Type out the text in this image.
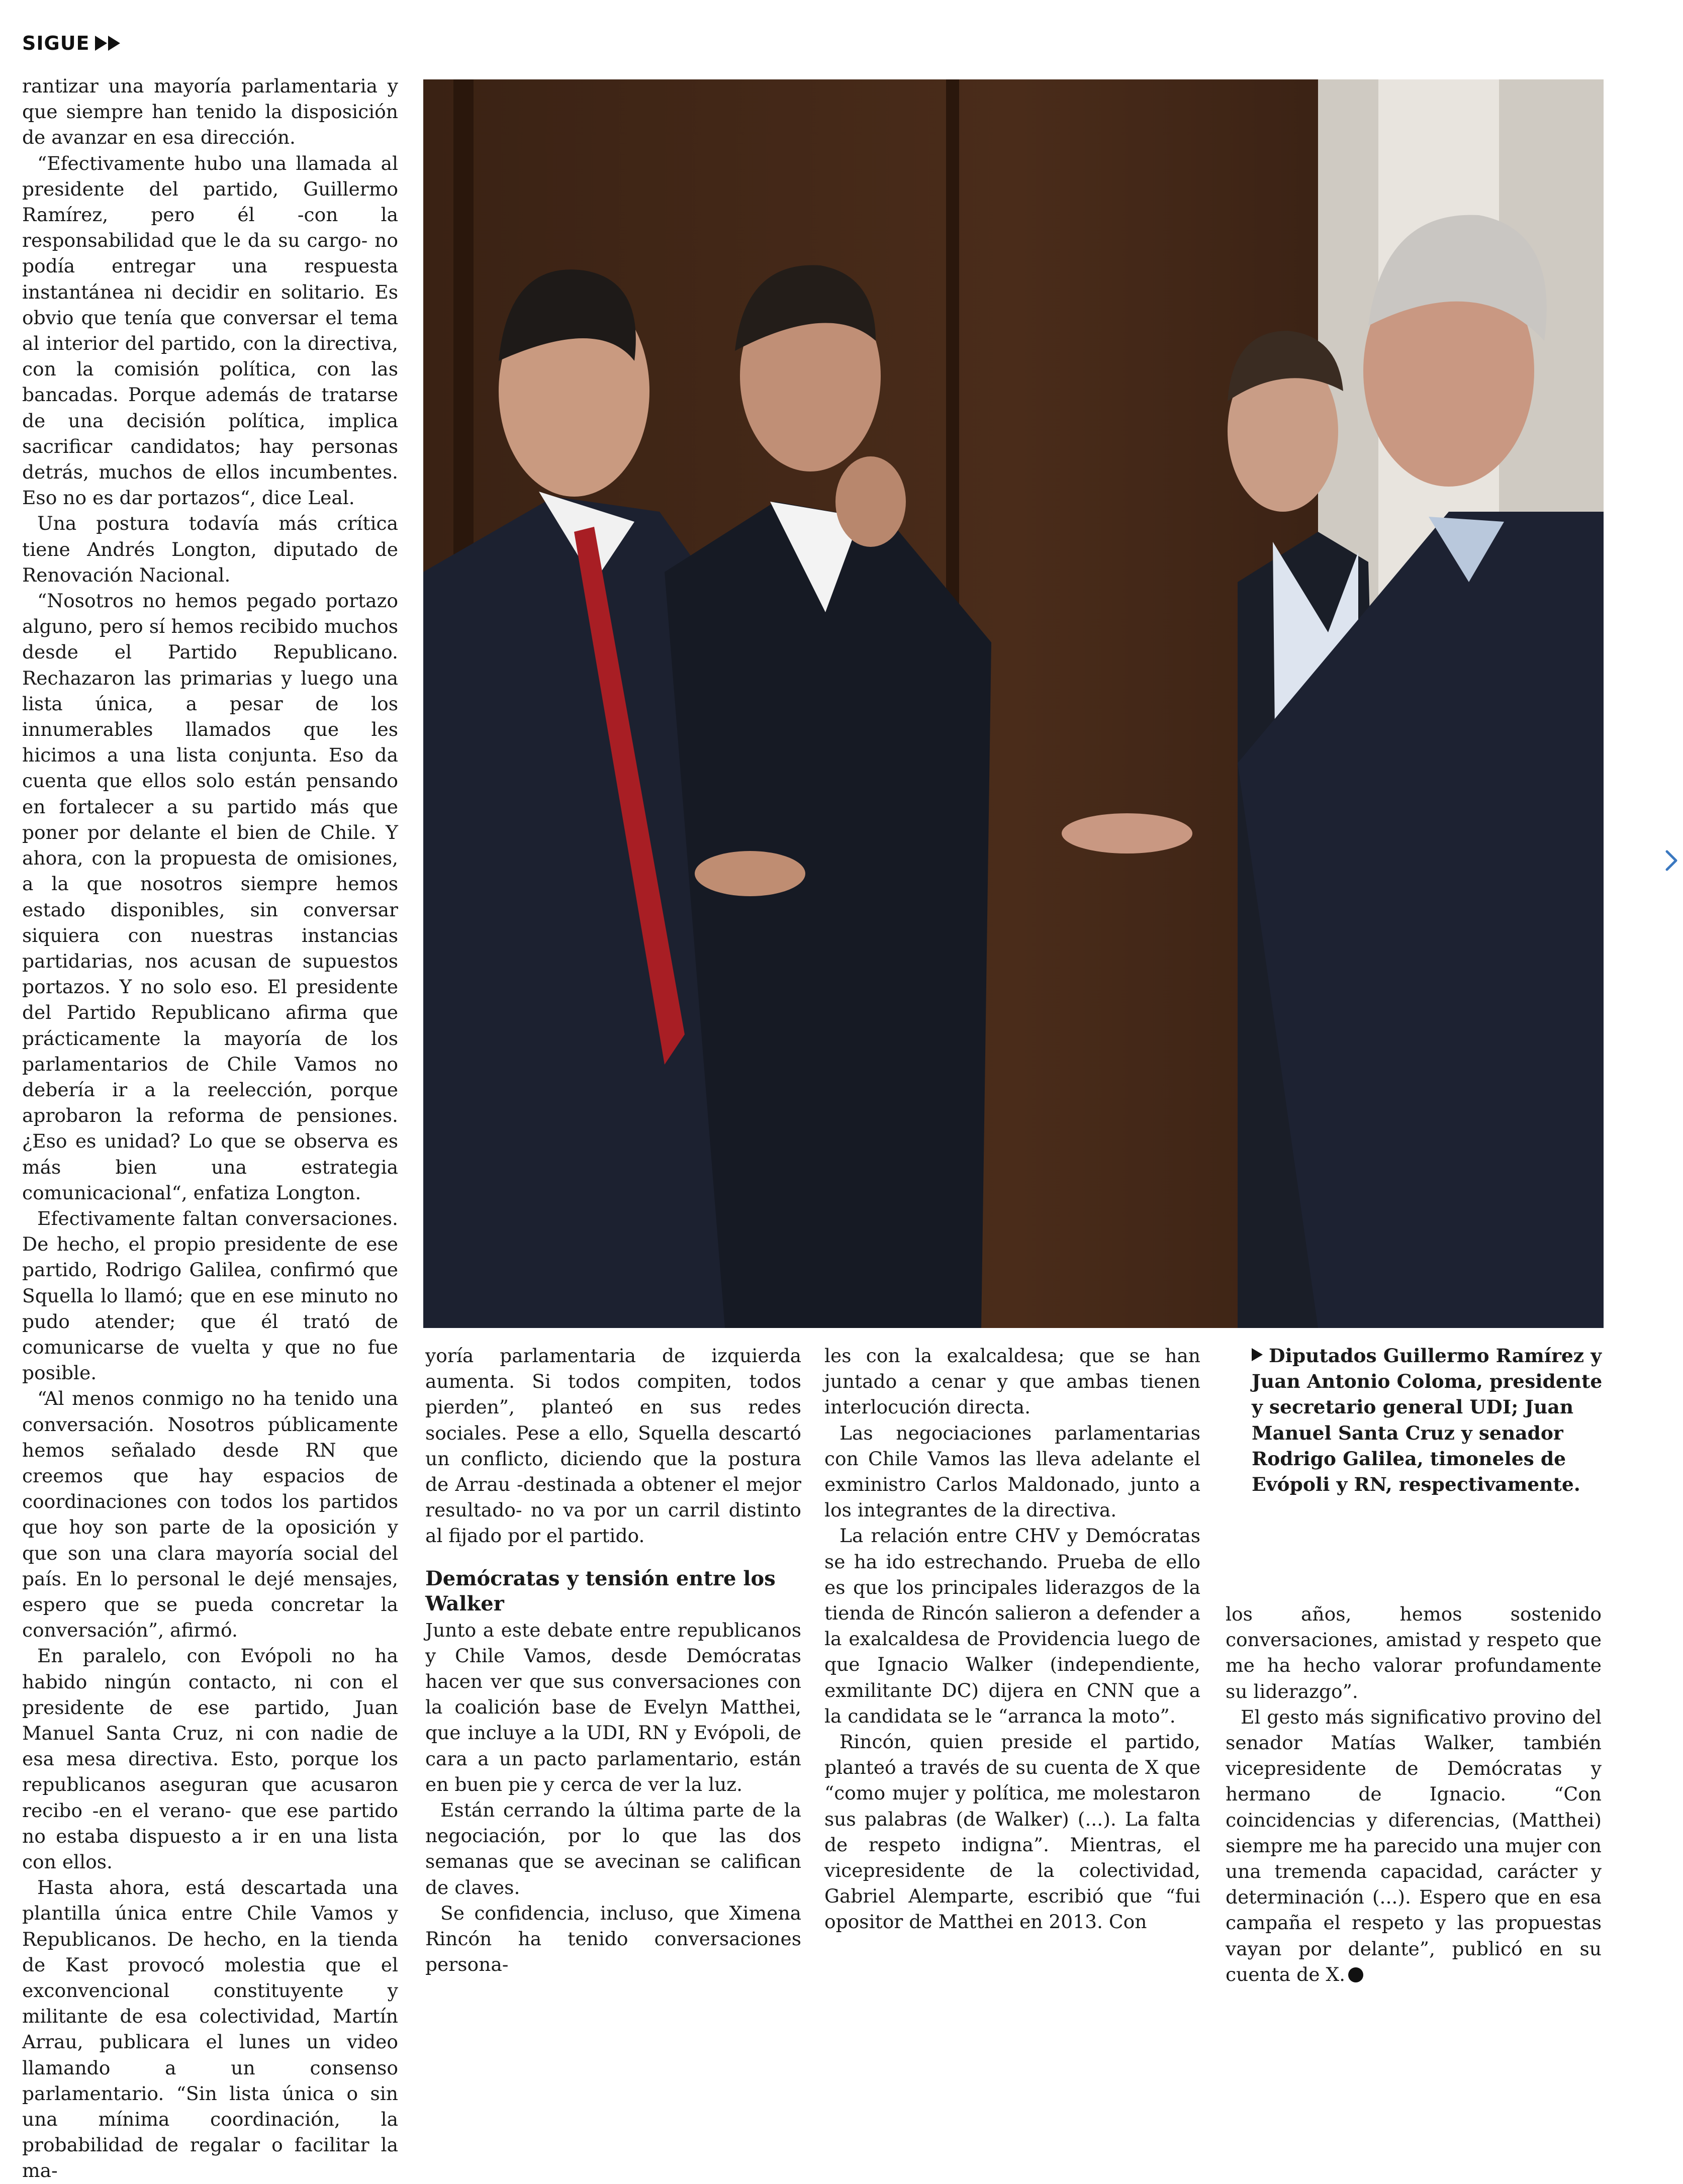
SIGUE

rantizar una mayoría parlamentaria y que siempre han tenido la disposición de avanzar en esa dirección.

“Efectivamente hubo una llamada al presidente del partido, Guillermo Ramírez, pero él -con la responsabilidad que le da su cargo- no podía entregar una respuesta instantánea ni decidir en solitario. Es obvio que tenía que conversar el tema al interior del partido, con la directiva, con la comisión política, con las bancadas. Porque además de tratarse de una decisión política, implica sacrificar candidatos; hay personas detrás, muchos de ellos incumbentes. Eso no es dar portazos“, dice Leal.

Una postura todavía más crítica tiene Andrés Longton, diputado de Renovación Nacional.

“Nosotros no hemos pegado portazo alguno, pero sí hemos recibido muchos desde el Partido Republicano. Rechazaron las primarias y luego una lista única, a pesar de los innumerables llamados que les hicimos a una lista conjunta. Eso da cuenta que ellos solo están pensando en fortalecer a su partido más que poner por delante el bien de Chile. Y ahora, con la propuesta de omisiones, a la que nosotros siempre hemos estado disponibles, sin conversar siquiera con nuestras instancias partidarias, nos acusan de supuestos portazos. Y no solo eso. El presidente del Partido Republicano afirma que prácticamente la mayoría de los parlamentarios de Chile Vamos no debería ir a la reelección, porque aprobaron la reforma de pensiones. ¿Eso es unidad? Lo que se observa es más bien una estrategia comunicacional“, enfatiza Longton.

Efectivamente faltan conversaciones. De hecho, el propio presidente de ese partido, Rodrigo Galilea, confirmó que Squella lo llamó; que en ese minuto no pudo atender; que él trató de comunicarse de vuelta y que no fue posible.

“Al menos conmigo no ha tenido una conversación. Nosotros públicamente hemos señalado desde RN que creemos que hay espacios de coordinaciones con todos los partidos que hoy son parte de la oposición y que son una clara mayoría social del país. En lo personal le dejé mensajes, espero que se pueda concretar la conversación”, afirmó.

En paralelo, con Evópoli no ha habido ningún contacto, ni con el presidente de ese partido, Juan Manuel Santa Cruz, ni con nadie de esa mesa directiva. Esto, porque los republicanos aseguran que acusaron recibo -en el verano- que ese partido no estaba dispuesto a ir en una lista con ellos.

Hasta ahora, está descartada una plantilla única entre Chile Vamos y Republicanos. De hecho, en la tienda de Kast provocó molestia que el exconvencional constituyente y militante de esa colectividad, Martín Arrau, publicara el lunes un video llamando a un consenso parlamentario. “Sin lista única o sin una mínima coordinación, la probabilidad de regalar o facilitar la ma-

yoría parlamentaria de izquierda aumenta. Si todos compiten, todos pierden”, planteó en sus redes sociales. Pese a ello, Squella descartó un conflicto, diciendo que la postura de Arrau -destinada a obtener el mejor resultado- no va por un carril distinto al fijado por el partido.

Demócratas y tensión entre los Walker

Junto a este debate entre republicanos y Chile Vamos, desde Demócratas hacen ver que sus conversaciones con la coalición base de Evelyn Matthei, que incluye a la UDI, RN y Evópoli, de cara a un pacto parlamentario, están en buen pie y cerca de ver la luz.

Están cerrando la última parte de la negociación, por lo que las dos semanas que se avecinan se califican de claves.

Se confidencia, incluso, que Ximena Rincón ha tenido conversaciones persona-

les con la exalcaldesa; que se han juntado a cenar y que ambas tienen interlocución directa.

Las negociaciones parlamentarias con Chile Vamos las lleva adelante el exministro Carlos Maldonado, junto a los integrantes de la directiva.

La relación entre CHV y Demócratas se ha ido estrechando. Prueba de ello es que los principales liderazgos de la tienda de Rincón salieron a defender a la exalcaldesa de Providencia luego de que Ignacio Walker (independiente, exmilitante DC) dijera en CNN que a la candidata se le “arranca la moto”.

Rincón, quien preside el partido, planteó a través de su cuenta de X que “como mujer y política, me molestaron sus palabras (de Walker) (...). La falta de respeto indigna”. Mientras, el vicepresidente de la colectividad, Gabriel Alemparte, escribió que “fui opositor de Matthei en 2013. Con

Diputados Guillermo Ramírez y Juan Antonio Coloma, presidente y secretario general UDI; Juan Manuel Santa Cruz y senador Rodrigo Galilea, timoneles de Evópoli y RN, respectivamente.

los años, hemos sostenido conversaciones, amistad y respeto que me ha hecho valorar profundamente su liderazgo”.

El gesto más significativo provino del senador Matías Walker, también vicepresidente de Demócratas y hermano de Ignacio. “Con coincidencias y diferencias, (Matthei) siempre me ha parecido una mujer con una tremenda capacidad, carácter y determinación (...). Espero que en esa campaña el respeto y las propuestas vayan por delante”, publicó en su cuenta de X.
